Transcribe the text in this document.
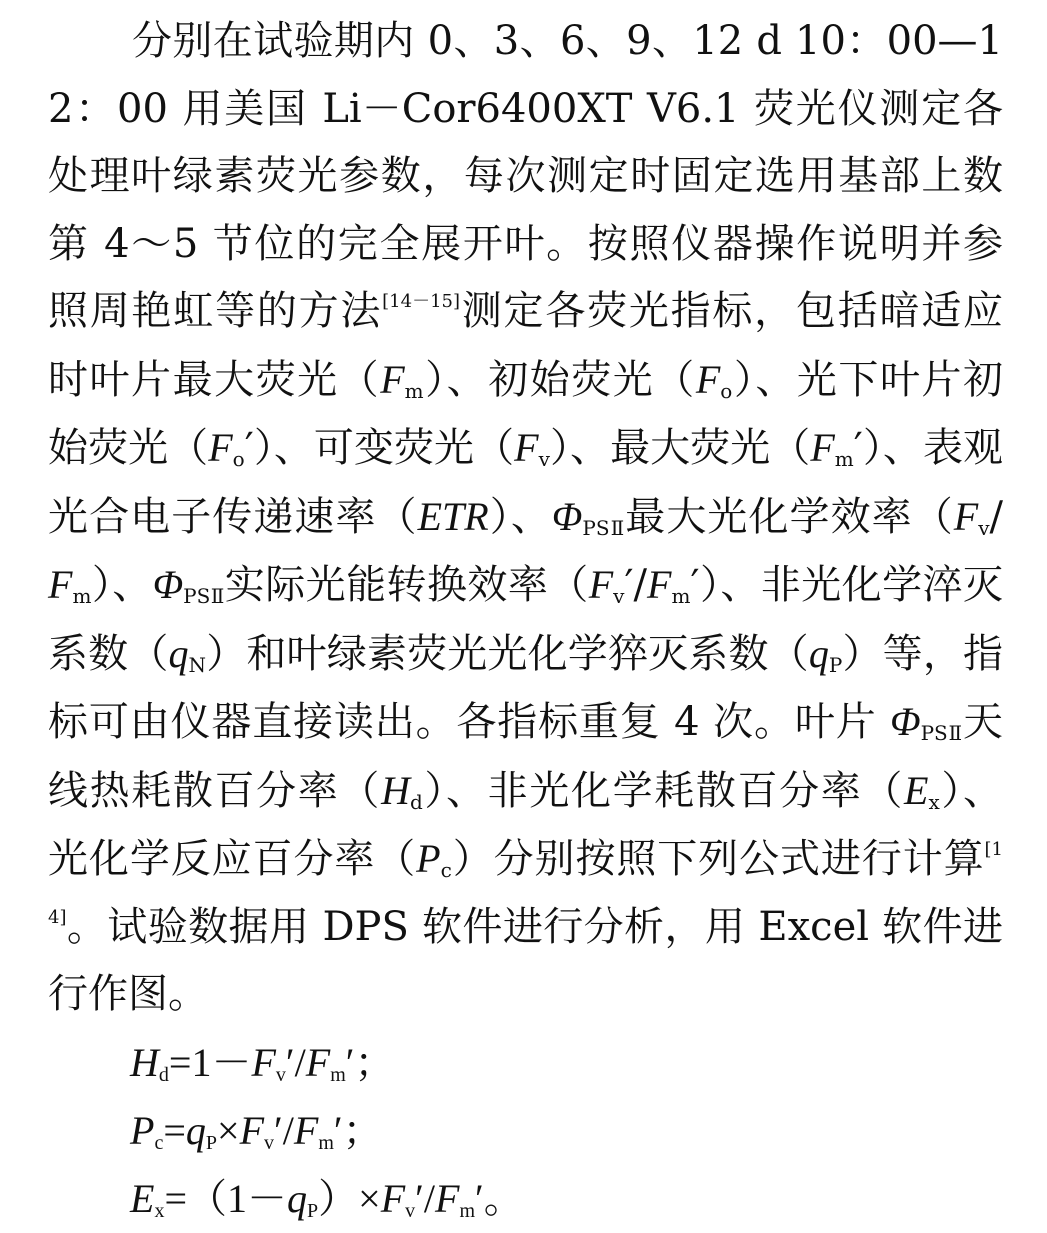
分别在试验期内 0、3、6、9、12 d 10：00—12：00 用美国 Li－Cor6400XT V6.1 荧光仪测定各处理叶绿素荧光参数，每次测定时固定选用基部上数第 4～5 节位的完全展开叶。按照仪器操作说明并参照周艳虹等的方法[14－15]测定各荧光指标，包括暗适应时叶片最大荧光$(F_m)$、初始荧光$(F_o)$、光下叶片初始荧光$(F_o')$、可变荧光$(F_v)$、最大荧光$(F_m')$、表观光合电子传递速率（ETR）、$\Phi_{PSⅡ}$最大光化学效率$(F_v/F_m)$、$\Phi_{PSⅡ}$实际光能转换效率$(F_v'/F_m')$、非光化学淬灭系数$(q_N)$和叶绿素荧光光化学猝灭系数$(q_P)$等，指标可由仪器直接读出。各指标重复 4 次。叶片 $\Phi_{PSⅡ}$天线热耗散百分率$(H_d)$、非光化学耗散百分率$(E_x)$、光化学反应百分率$(P_c)$分别按照下列公式进行计算[14]。试验数据用 DPS 软件进行分析，用 Excel 软件进行作图。

$H_d=1-F_v'/F_m'$；
$P_c=q_P\times F_v'/F_m'$；
$E_x=(1-q_P)\times F_v'/F_m'$。
